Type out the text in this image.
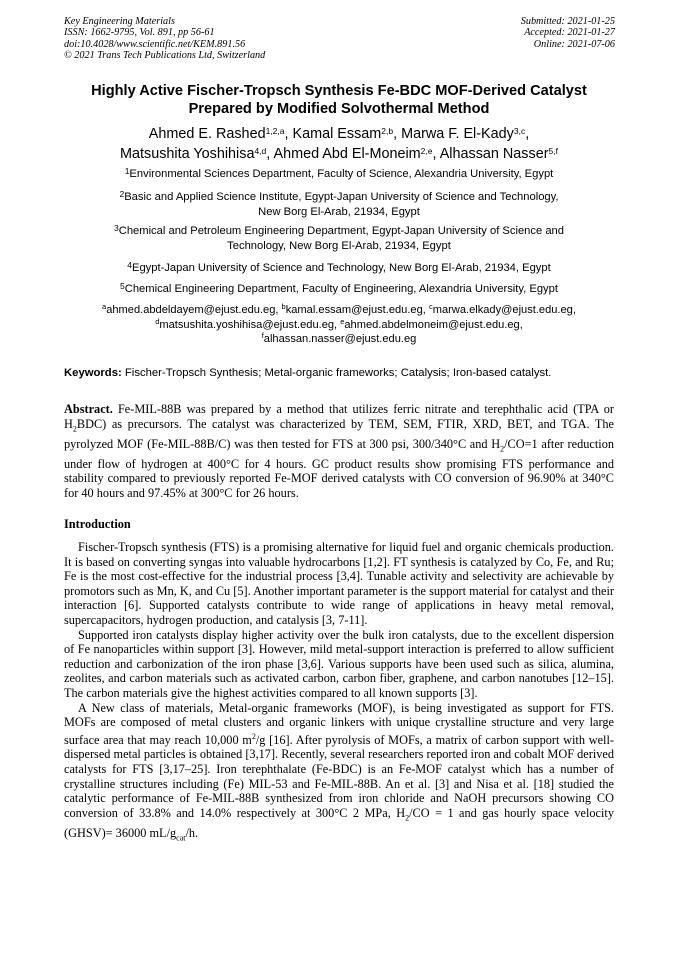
Key Engineering Materials
ISSN: 1662-9795, Vol. 891, pp 56-61
doi:10.4028/www.scientific.net/KEM.891.56
© 2021 Trans Tech Publications Ltd, Switzerland
Submitted: 2021-01-25
Accepted: 2021-01-27
Online: 2021-07-06
Highly Active Fischer-Tropsch Synthesis Fe-BDC MOF-Derived Catalyst
Prepared by Modified Solvothermal Method
Ahmed E. Rashed$^{1,2,a}$, Kamal Essam$^{2,b}$, Marwa F. El-Kady$^{3,c}$,
Matsushita Yoshihisa$^{4,d}$, Ahmed Abd El-Moneim$^{2,e}$, Alhassan Nasser$^{5,f}$
$^1$Environmental Sciences Department, Faculty of Science, Alexandria University, Egypt
$^2$Basic and Applied Science Institute, Egypt-Japan University of Science and Technology,
New Borg El-Arab, 21934, Egypt
$^3$Chemical and Petroleum Engineering Department, Egypt-Japan University of Science and
Technology, New Borg El-Arab, 21934, Egypt
$^4$Egypt-Japan University of Science and Technology, New Borg El-Arab, 21934, Egypt
$^5$Chemical Engineering Department, Faculty of Engineering, Alexandria University, Egypt
$^a$ahmed.abdeldayem@ejust.edu.eg, $^b$kamal.essam@ejust.edu.eg, $^c$marwa.elkady@ejust.edu.eg,
$^d$matsushita.yoshihisa@ejust.edu.eg, $^e$ahmed.abdelmoneim@ejust.edu.eg,
$^f$alhassan.nasser@ejust.edu.eg
Keywords: Fischer-Tropsch Synthesis; Metal-organic frameworks; Catalysis; Iron-based catalyst.

Abstract. Fe-MIL-88B was prepared by a method that utilizes ferric nitrate and terephthalic acid (TPA or $H_2BDC$) as precursors. The catalyst was characterized by TEM, SEM, FTIR, XRD, BET, and TGA. The pyrolyzed MOF (Fe-MIL-88B/C) was then tested for FTS at 300 psi, 300/340°C and $H_2/CO=1$ after reduction under flow of hydrogen at 400°C for 4 hours. GC product results show promising FTS performance and stability compared to previously reported Fe-MOF derived catalysts with CO conversion of 96.90% at 340°C for 40 hours and 97.45% at 300°C for 26 hours.

Introduction

Fischer-Tropsch synthesis (FTS) is a promising alternative for liquid fuel and organic chemicals production. It is based on converting syngas into valuable hydrocarbons [1,2]. FT synthesis is catalyzed by Co, Fe, and Ru; Fe is the most cost-effective for the industrial process [3,4]. Tunable activity and selectivity are achievable by promotors such as Mn, K, and Cu [5]. Another important parameter is the support material for catalyst and their interaction [6]. Supported catalysts contribute to wide range of applications in heavy metal removal, supercapacitors, hydrogen production, and catalysis [3, 7-11].

Supported iron catalysts display higher activity over the bulk iron catalysts, due to the excellent dispersion of Fe nanoparticles within support [3]. However, mild metal-support interaction is preferred to allow sufficient reduction and carbonization of the iron phase [3,6]. Various supports have been used such as silica, alumina, zeolites, and carbon materials such as activated carbon, carbon fiber, graphene, and carbon nanotubes [12–15]. The carbon materials give the highest activities compared to all known supports [3].

A New class of materials, Metal-organic frameworks (MOF), is being investigated as support for FTS. MOFs are composed of metal clusters and organic linkers with unique crystalline structure and very large surface area that may reach 10,000 $m^2/g$ [16]. After pyrolysis of MOFs, a matrix of carbon support with well-dispersed metal particles is obtained [3,17]. Recently, several researchers reported iron and cobalt MOF derived catalysts for FTS [3,17–25]. Iron terephthalate (Fe-BDC) is an Fe-MOF catalyst which has a number of crystalline structures including (Fe) MIL-53 and Fe-MIL-88B. An et al. [3] and Nisa et al. [18] studied the catalytic performance of Fe-MIL-88B synthesized from iron chloride and NaOH precursors showing CO conversion of 33.8% and 14.0% respectively at 300°C 2 MPa, $H_2/CO = 1$ and gas hourly space velocity (GHSV)= 36000 $mL/g_{cat}/h$.
